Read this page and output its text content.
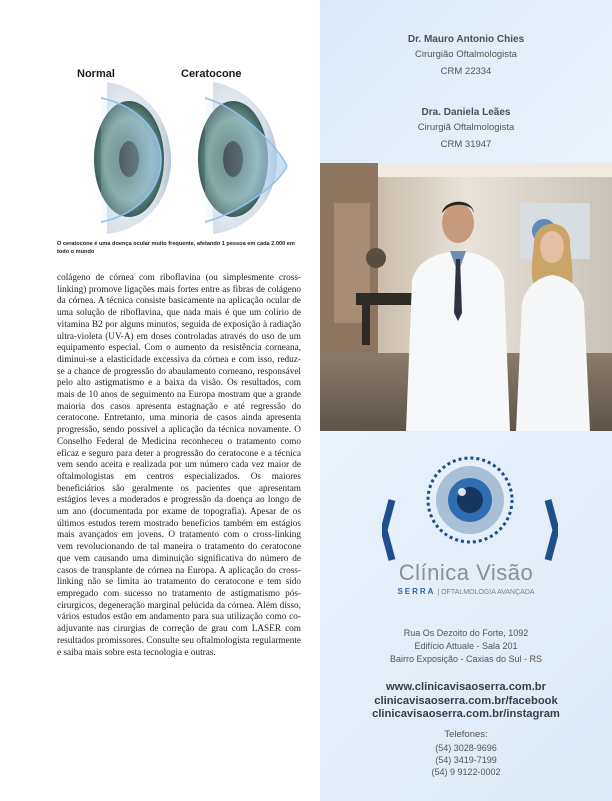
Normal	Ceratocone
O ceratocone é uma doença ocular muito frequente, afetando 1 pessoa em cada 2.000 em todo o mundo

colágeno de córnea com riboflavina (ou simplesmente cross-linking) promove ligações mais fortes entre as fibras de colágeno da córnea. A técnica consiste basicamente na aplicação ocular de uma solução de riboflavina, que nada mais é que um colírio de vitamina B2 por alguns minutos, seguida de exposição à radiação ultra-violeta (UV-A) em doses controladas através do uso de um equipamento especial. Com o aumento da resistência corneana, diminui-se a elasticidade excessiva da córnea e com isso, reduz-se a chance de progressão do abaulamento corneano, responsável pelo alto astigmatismo e a baixa da visão. Os resultados, com mais de 10 anos de seguimento na Europa mostram que a grande maioria dos casos apresenta estagnação e até regressão do ceratocone. Entretanto, uma minoria de casos ainda apresenta progressão, sendo possível a aplicação da técnica novamente. O Conselho Federal de Medicina reconheceu o tratamento como eficaz e seguro para deter a progressão do ceratocone e a técnica vem sendo aceita e realizada por um número cada vez maior de oftalmologistas em centros especializados. Os maiores beneficiários são geralmente os pacientes que apresentam estágios leves a moderados e progressão da doença ao longo de um ano (documentada por exame de topografia). Apesar de os últimos estudos terem mostrado benefícios também em estágios mais avançados em jovens. O tratamento com o cross-linking vem revolucionando de tal maneira o tratamento do ceratocone que vem causando uma diminuição significativa do número de casos de transplante de córnea na Europa. A aplicação do cross-linking não se limita ao tratamento do ceratocone e tem sido empregado com sucesso no tratamento de astigmatismo pós-cirurgicos, degeneração marginal pelúcida da córnea. Além disso, vários estudos estão em andamento para sua utilização como co-adjuvante nas cirurgias de correção de grau com LASER com resultados promissores. Consulte seu oftalmologista regularmente e saiba mais sobre esta tecnologia e outras.

Dr. Mauro Antonio Chies
Cirurgião Oftalmologista
CRM 22334
Dra. Daniela Leães
Cirurgiã Oftalmologista
CRM 31947
Clínica Visão
SERRA | OFTALMOLOGIA AVANÇADA
Rua Os Dezoito do Forte, 1092
Edifício Attuale - Sala 201
Bairro Exposição - Caxias do Sul - RS
www.clinicavisaoserra.com.br
clinicavisaoserra.com.br/facebook
clinicavisaoserra.com.br/instagram
Telefones:
(54) 3028-9696
(54) 3419-7199
(54) 9 9122-0002
